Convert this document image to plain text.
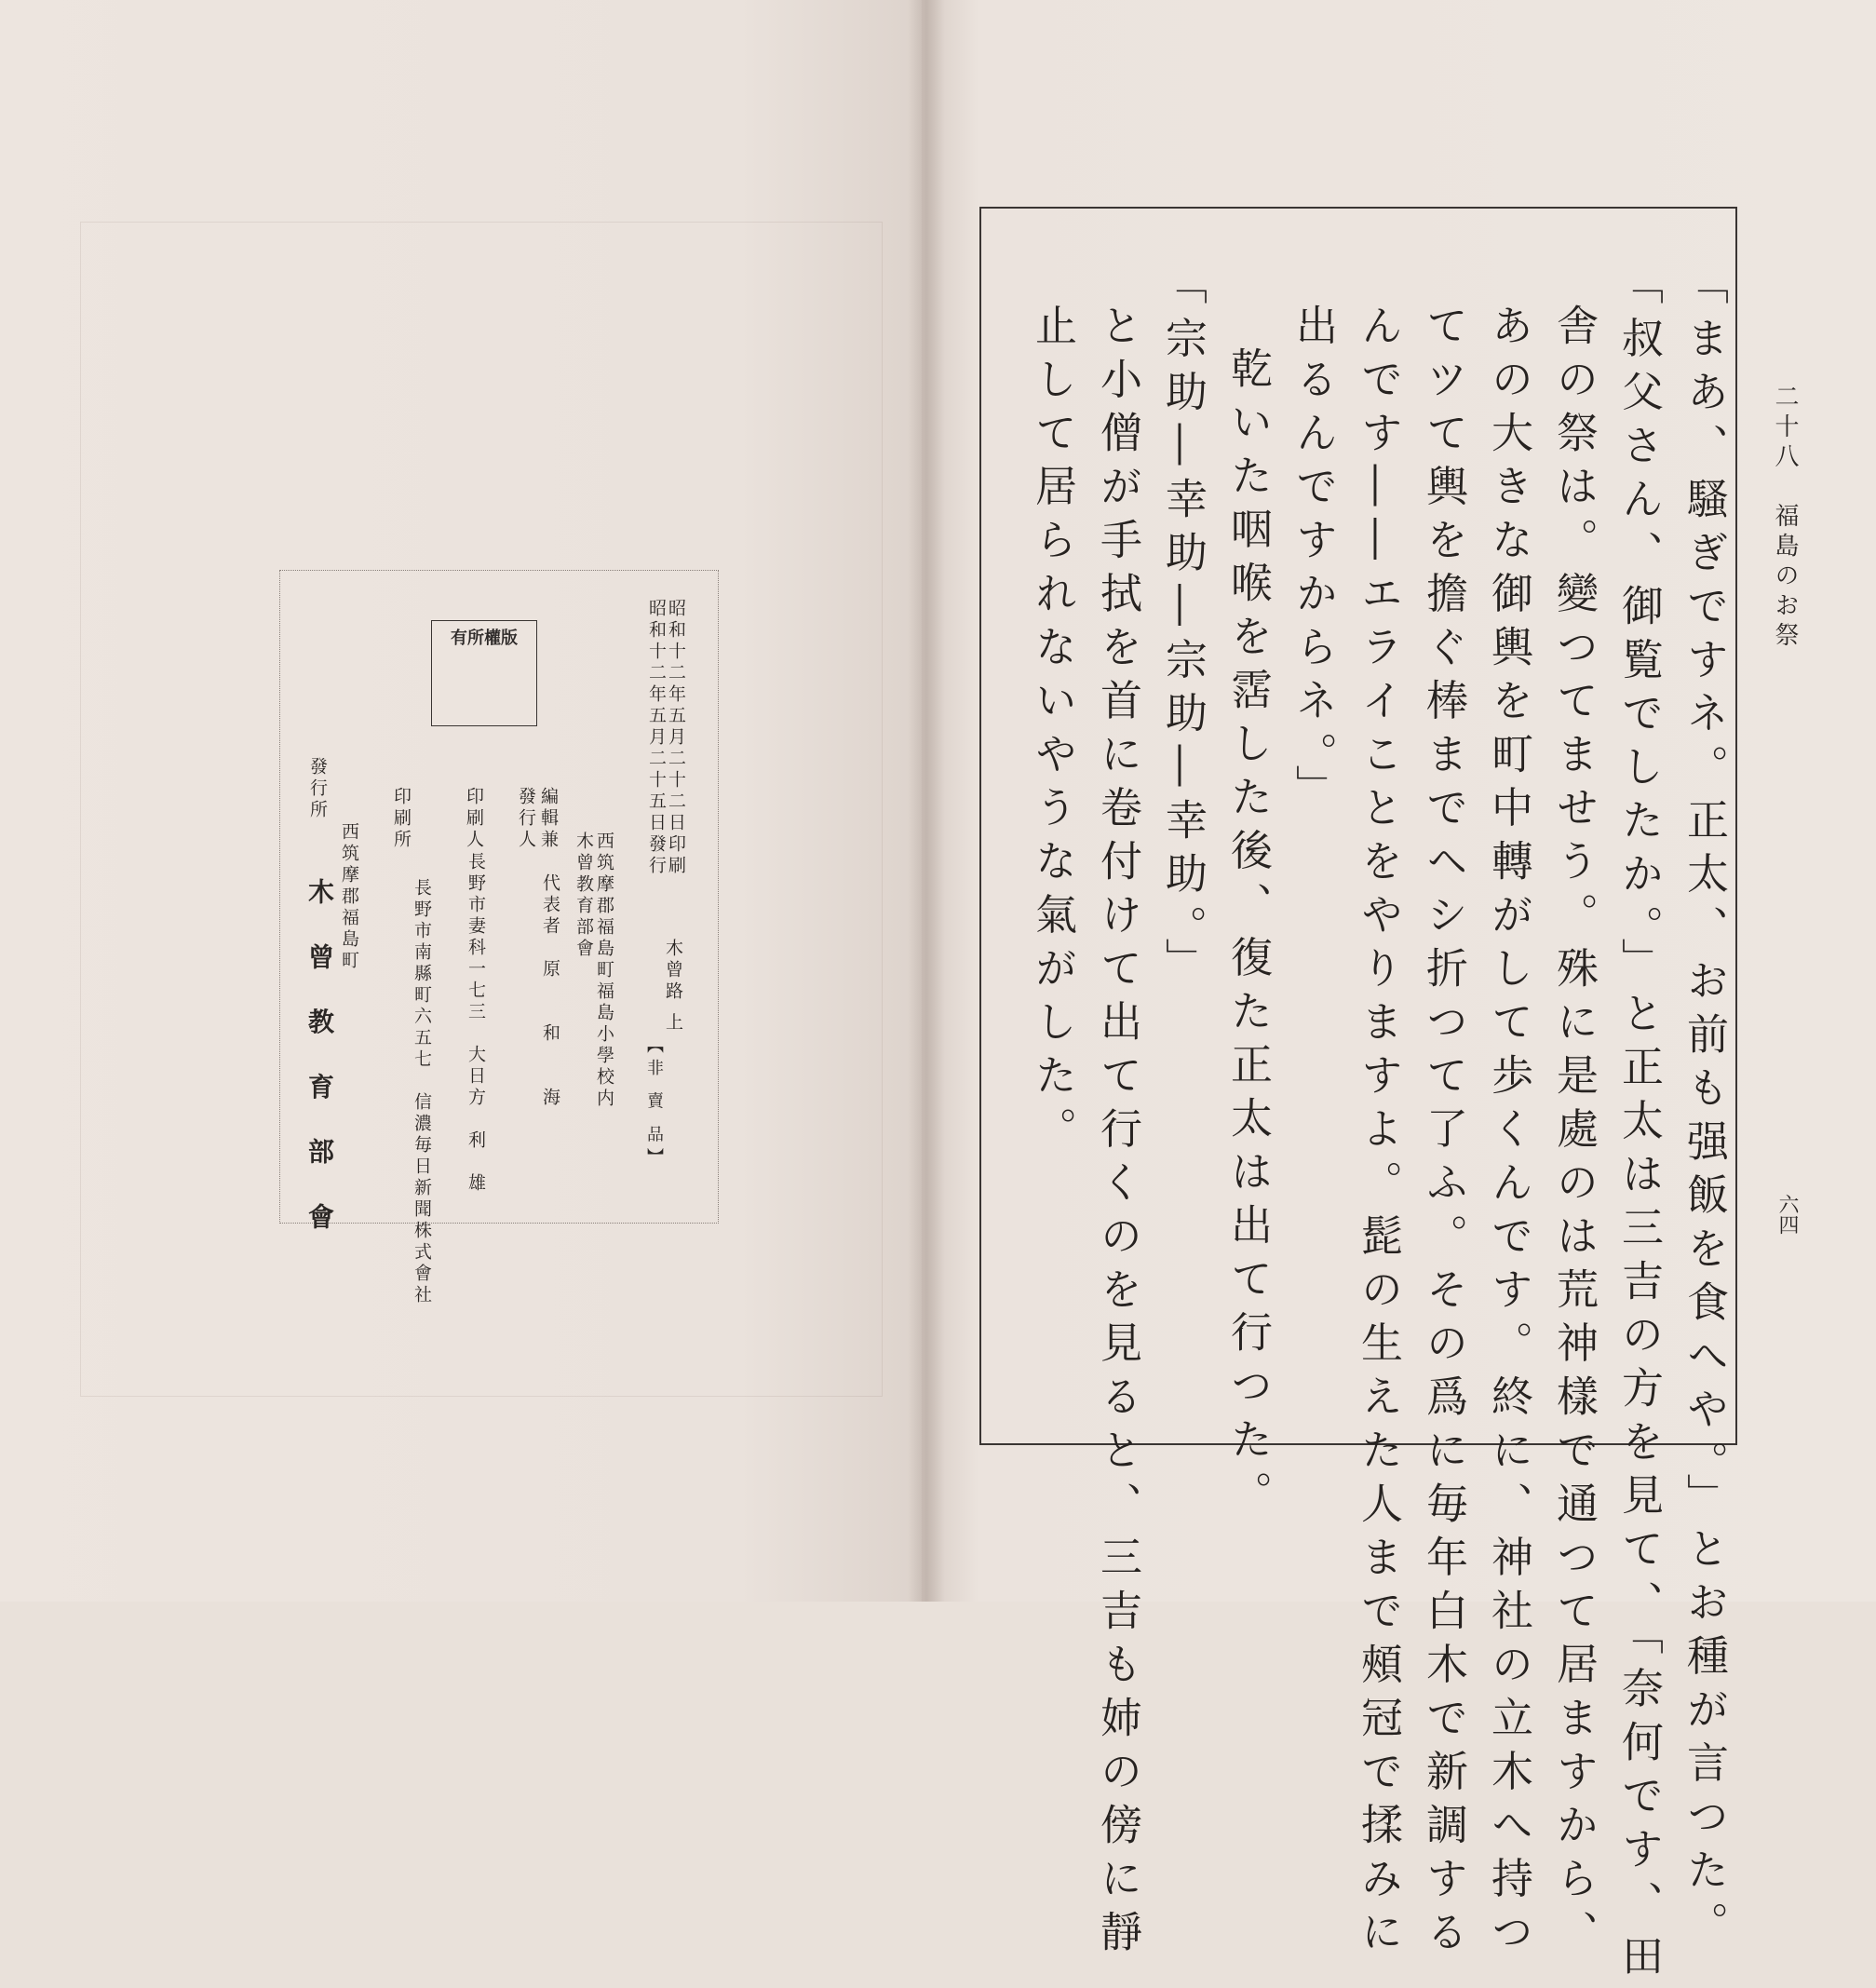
有所權版	昭和十二年五月二十二日印刷
昭和十二年五月二十五日發行
木曾路 上
【非 賣 品】
西筑摩郡福島町福島小學校内
木曾教育部會
編輯兼
發行人
代表者　原　　和　　海
印刷人
長野市妻科一七三　大日方　利　雄
印刷所
長野市南縣町六五七　信濃毎日新聞株式會社
發行所
西筑摩郡福島町
木 曾 教 育 部 會
二十八　福島のお祭
六四
「まあ、騷ぎですネ。正太、お前も强飯を食へや。」とお種が言つた。
「叔父さん、御覧でしたか。」と正太は三吉の方を見て、「奈何です、田
舎の祭は。變つてませう。殊に是處のは荒神樣で通つて居ますから、
あの大きな御輿を町中轉がして歩くんです。終に、神社の立木へ持つ
てツて輿を擔ぐ棒までヘシ折つて了ふ。その爲に毎年白木で新調する
んです――エライことをやりますよ。髭の生えた人まで頰冠で揉みに
出るんですからネ。」
乾いた咽喉を霑した後、復た正太は出て行つた。
「宗助―幸助―宗助―幸助。」
と小僧が手拭を首に卷付けて出て行くのを見ると、三吉も姉の傍に靜
止して居られないやうな氣がした。
